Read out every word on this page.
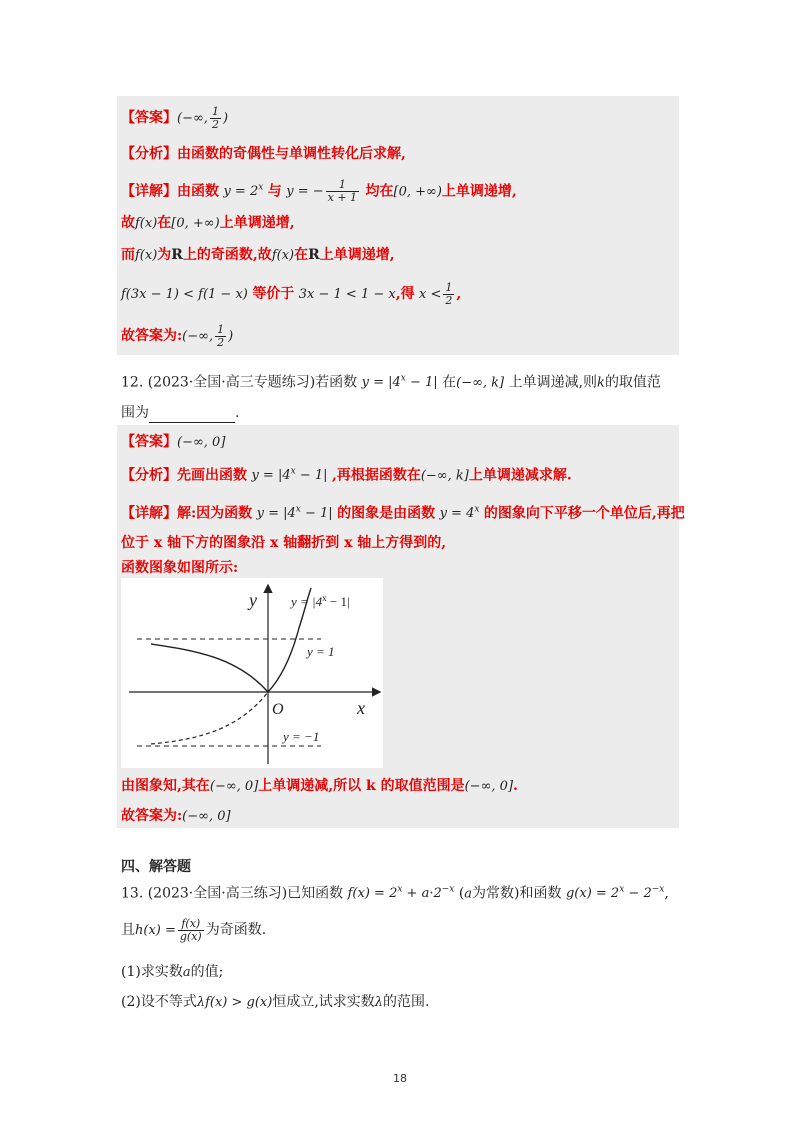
【答案】(−∞, $\frac{1}{2}$ )
【分析】由函数的奇偶性与单调性转化后求解,
【详解】由函数 $y = 2^x$ 与 y = − $\frac{1}{x + 1}$ 均在[0, +∞)上单调递增,
故f(x)在[0, +∞)上单调递增,
而f(x)为R上的奇函数,故f(x)在R上单调递增,
f(3x − 1) < f(1 − x) 等价于 3x − 1 < 1 − x,得 $x < \frac{1}{2}$ ,
故答案为:(−∞, $\frac{1}{2}$ )
12. (2023·全国·高三专题练习)若函数 $y = |4^x - 1|$ 在(−∞, k] 上单调递减,则k的取值范
围为	.
【答案】(−∞, 0]
【分析】先画出函数 $y = |4^x - 1|$ ,再根据函数在(−∞, k]上单调递减求解.
【详解】解:因为函数 $y = |4^x - 1|$ 的图象是由函数 $y = 4^x$ 的图象向下平移一个单位后,再把
位于 x 轴下方的图象沿 x 轴翻折到 x 轴上方得到的,
函数图象如图所示:
y
x
O
$y = |4^x - 1|$
y = 1
y = −1
由图象知,其在(−∞, 0]上单调递减,所以 k 的取值范围是(−∞, 0].
故答案为:(−∞, 0]
四、解答题
13. (2023·全国·高三练习)已知函数 $f(x) = 2^x + a\cdot 2^{-x}$ (a为常数)和函数 $g(x) = 2^x - 2^{-x}$,
且$h(x) = \frac{f(x)}{g(x)}$ 为奇函数.
(1)求实数a的值;
(2)设不等式λf(x) > g(x)恒成立,试求实数λ的范围.
18
